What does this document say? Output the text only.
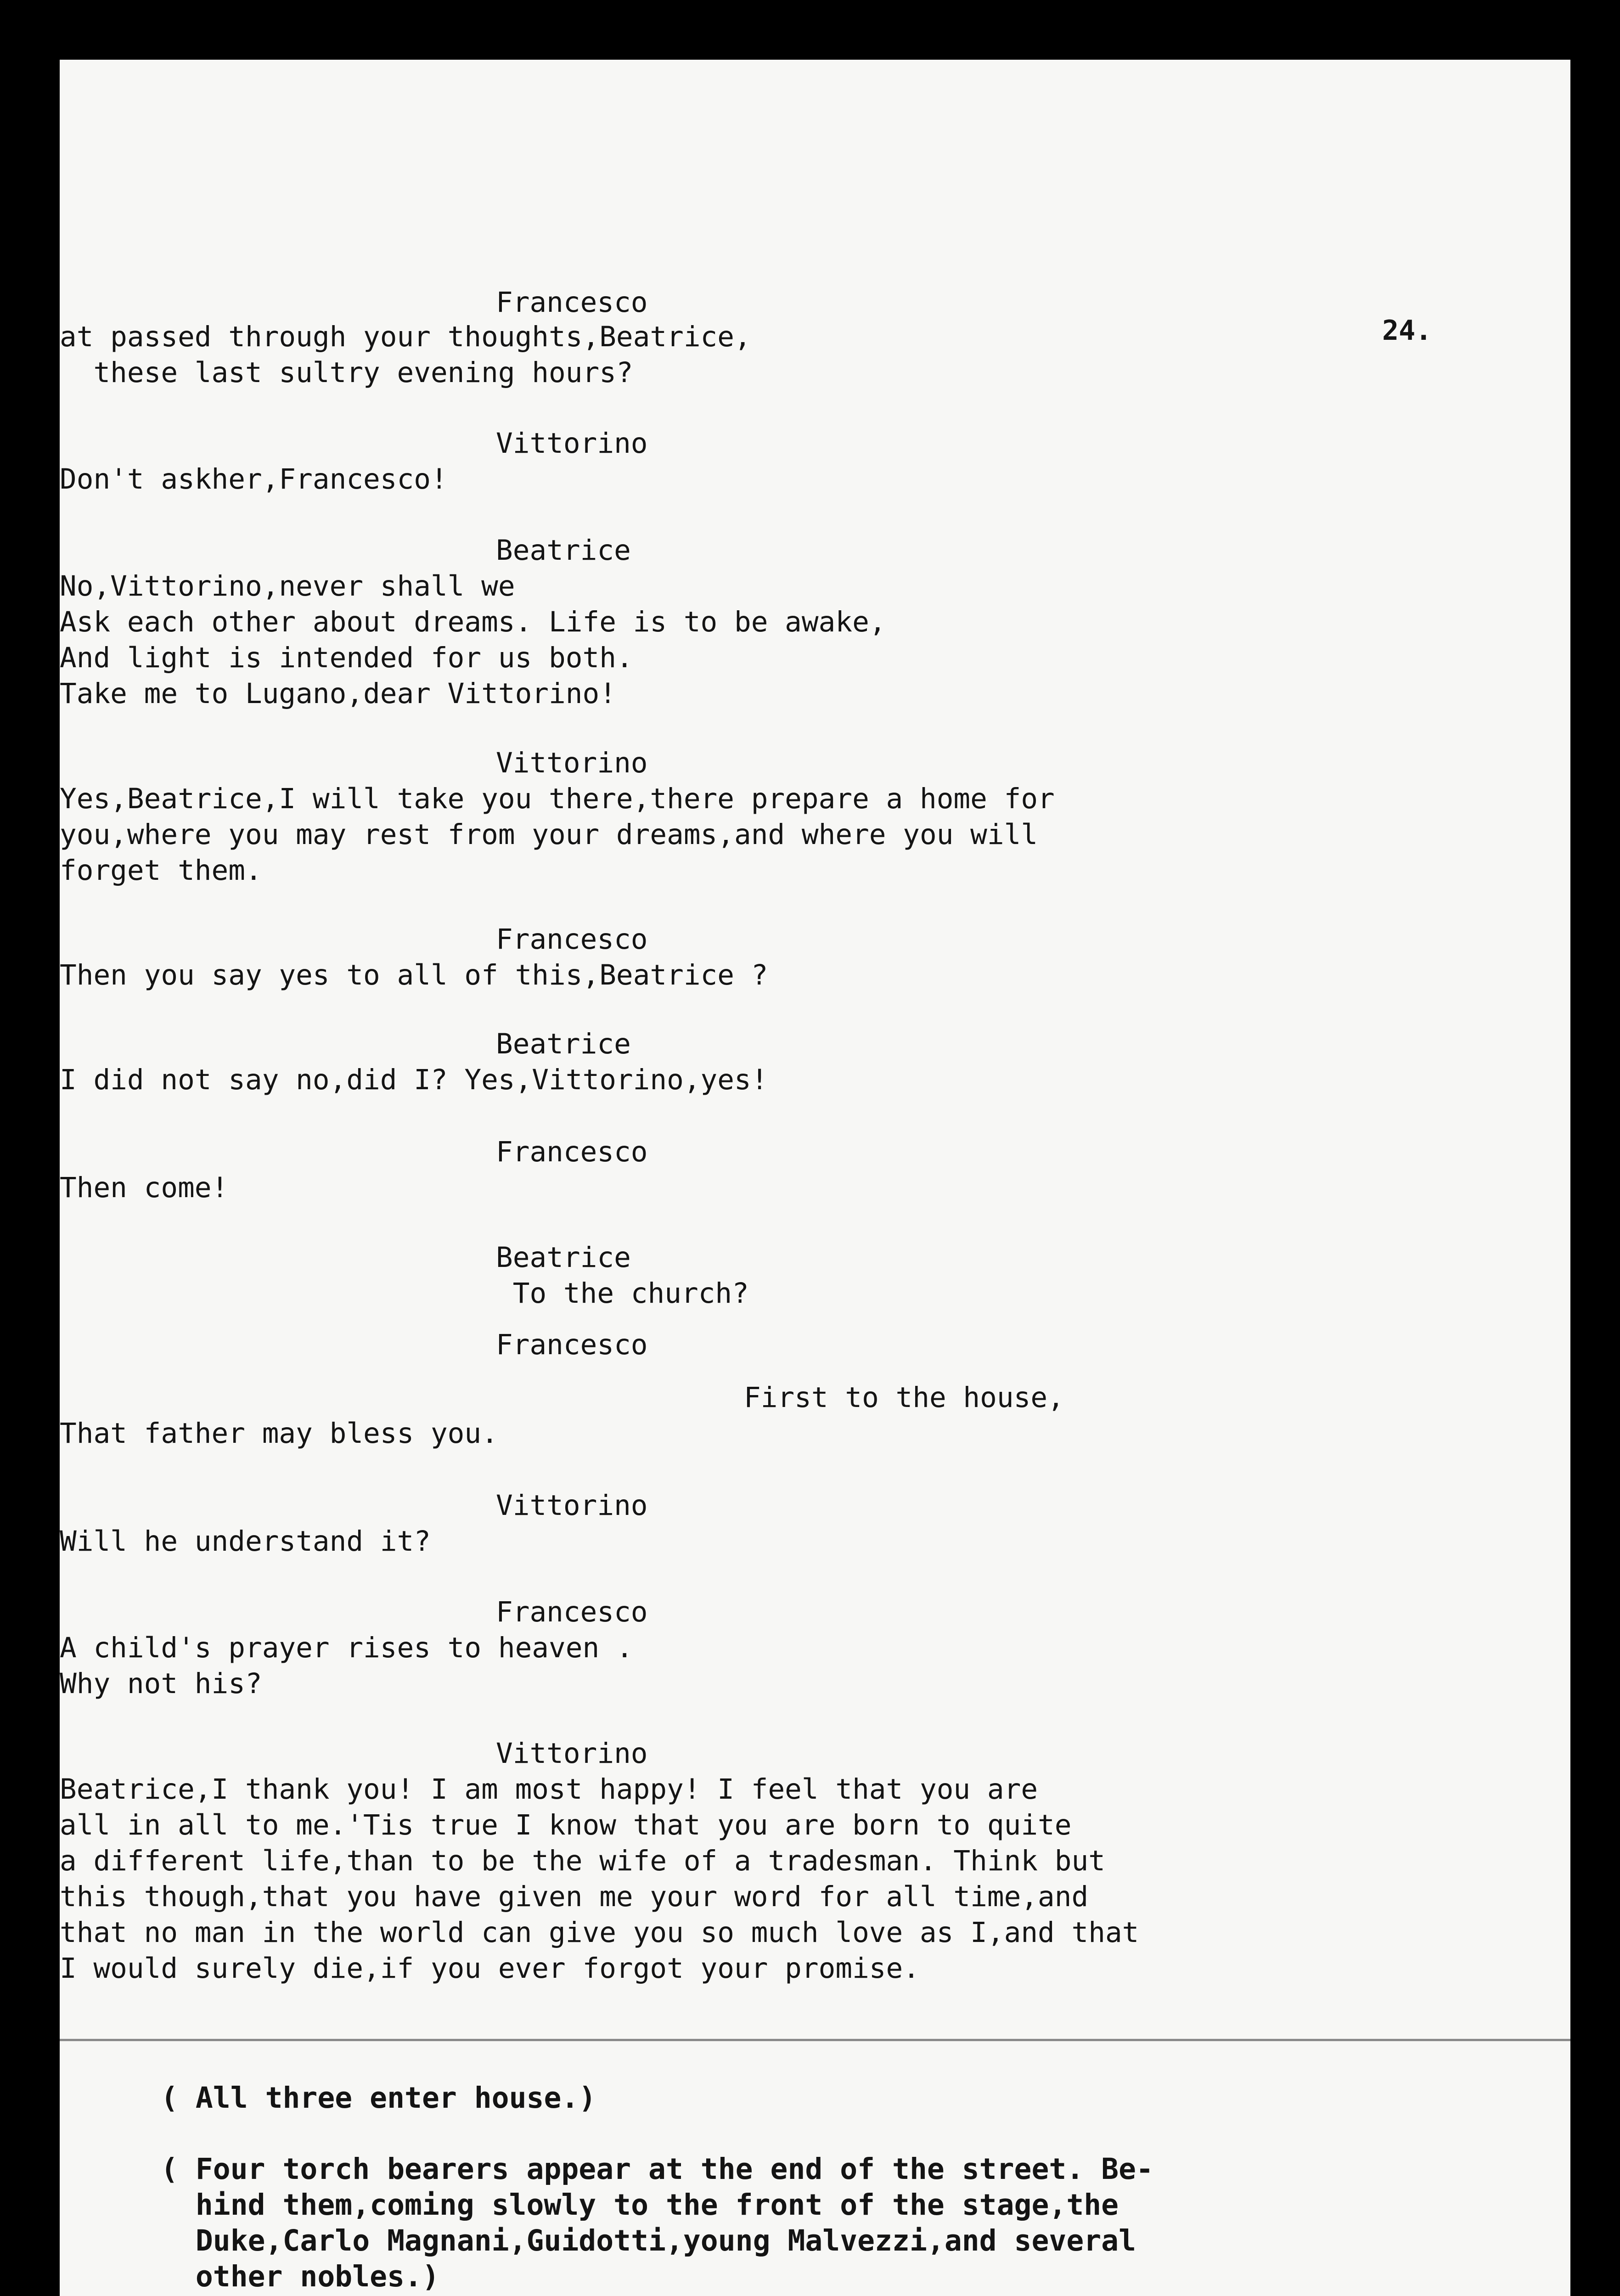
24.
Francesco
at passed through your thoughts,Beatrice,
these last sultry evening hours?
Vittorino
Don't askher,Francesco!
Beatrice
No,Vittorino,never shall we
Ask each other about dreams. Life is to be awake,
And light is intended for us both.
Take me to Lugano,dear Vittorino!
Vittorino
Yes,Beatrice,I will take you there,there prepare a home for
you,where you may rest from your dreams,and where you will
forget them.
Francesco
Then you say yes to all of this,Beatrice ?
Beatrice
I did not say no,did I? Yes,Vittorino,yes!
Francesco
Then come!
Beatrice
To the church?
Francesco
First to the house,
That father may bless you.
Vittorino
Will he understand it?
Francesco
A child's prayer rises to heaven .
Why not his?
Vittorino
Beatrice,I thank you! I am most happy! I feel that you are
all in all to me.'Tis true I know that you are born to quite
a different life,than to be the wife of a tradesman. Think but
this though,that you have given me your word for all time,and
that no man in the world can give you so much love as I,and that
I would surely die,if you ever forgot your promise.
( All three enter house.)
( Four torch bearers appear at the end of the street. Be-
hind them,coming slowly to the front of the stage,the
Duke,Carlo Magnani,Guidotti,young Malvezzi,and several
other nobles.)
